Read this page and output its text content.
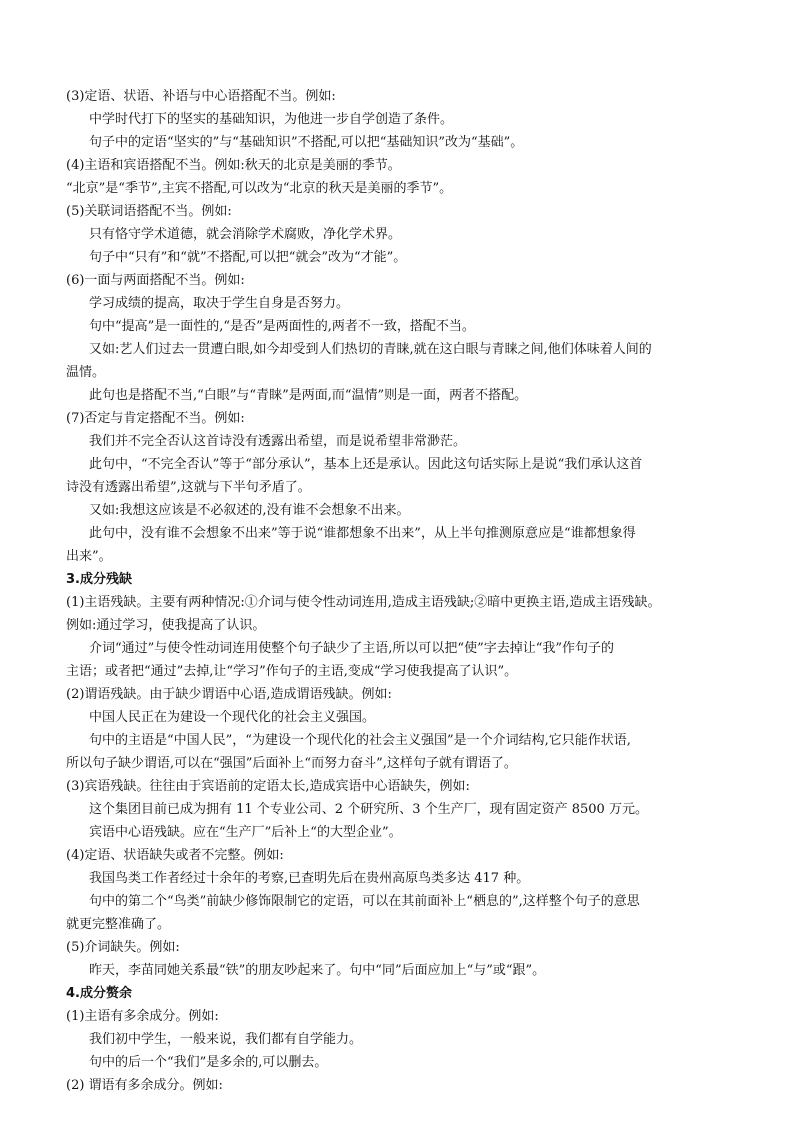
(3)定语、状语、补语与中心语搭配不当。例如:
中学时代打下的坚实的基础知识，为他进一步自学创造了条件。
句子中的定语“坚实的”与“基础知识”不搭配,可以把“基础知识”改为“基础”。
(4)主语和宾语搭配不当。例如:秋天的北京是美丽的季节。
“北京”是“季节”,主宾不搭配,可以改为“北京的秋天是美丽的季节”。
(5)关联词语搭配不当。例如:
只有恪守学术道德，就会消除学术腐败，净化学术界。
句子中“只有”和“就”不搭配,可以把“就会”改为“才能”。
(6)一面与两面搭配不当。例如:
学习成绩的提高，取决于学生自身是否努力。
句中“提高”是一面性的,“是否”是两面性的,两者不一致，搭配不当。
又如:艺人们过去一贯遭白眼,如今却受到人们热切的青睐,就在这白眼与青睐之间,他们体味着人间的
温情。
此句也是搭配不当,“白眼”与“青睐”是两面,而“温情”则是一面，两者不搭配。
(7)否定与肯定搭配不当。例如:
我们并不完全否认这首诗没有透露出希望，而是说希望非常渺茫。
此句中，“不完全否认”等于“部分承认”，基本上还是承认。因此这句话实际上是说“我们承认这首
诗没有透露出希望”,这就与下半句矛盾了。
又如:我想这应该是不必叙述的,没有谁不会想象不出来。
此句中，没有谁不会想象不出来”等于说“谁都想象不出来”，从上半句推测原意应是“谁都想象得
出来”。
3.成分残缺
(1)主语残缺。主要有两种情况:①介词与使令性动词连用,造成主语残缺;②暗中更换主语,造成主语残缺。
例如:通过学习，使我提高了认识。
介词“通过”与使令性动词连用使整个句子缺少了主语,所以可以把“使”字去掉让“我”作句子的
主语；或者把“通过”去掉,让“学习”作句子的主语,变成“学习使我提高了认识”。
(2)谓语残缺。由于缺少谓语中心语,造成谓语残缺。例如:
中国人民正在为建设一个现代化的社会主义强国。
句中的主语是“中国人民”，“为建设一个现代化的社会主义强国”是一个介词结构,它只能作状语,
所以句子缺少谓语,可以在“强国”后面补上“而努力奋斗”,这样句子就有谓语了。
(3)宾语残缺。往往由于宾语前的定语太长,造成宾语中心语缺失，例如:
这个集团目前已成为拥有 11 个专业公司、2 个研究所、3 个生产厂，现有固定资产 8500 万元。
宾语中心语残缺。应在“生产厂”后补上“的大型企业”。
(4)定语、状语缺失或者不完整。例如:
我国鸟类工作者经过十余年的考察,已查明先后在贵州高原鸟类多达 417 种。
句中的第二个“鸟类”前缺少修饰限制它的定语，可以在其前面补上“栖息的”,这样整个句子的意思
就更完整准确了。
(5)介词缺失。例如:
昨天，李苗同她关系最“铁”的朋友吵起来了。句中“同”后面应加上“与”或“跟”。
4.成分赘余
(1)主语有多余成分。例如:
我们初中学生，一般来说，我们都有自学能力。
句中的后一个“我们”是多余的,可以删去。
(2) 谓语有多余成分。例如:
